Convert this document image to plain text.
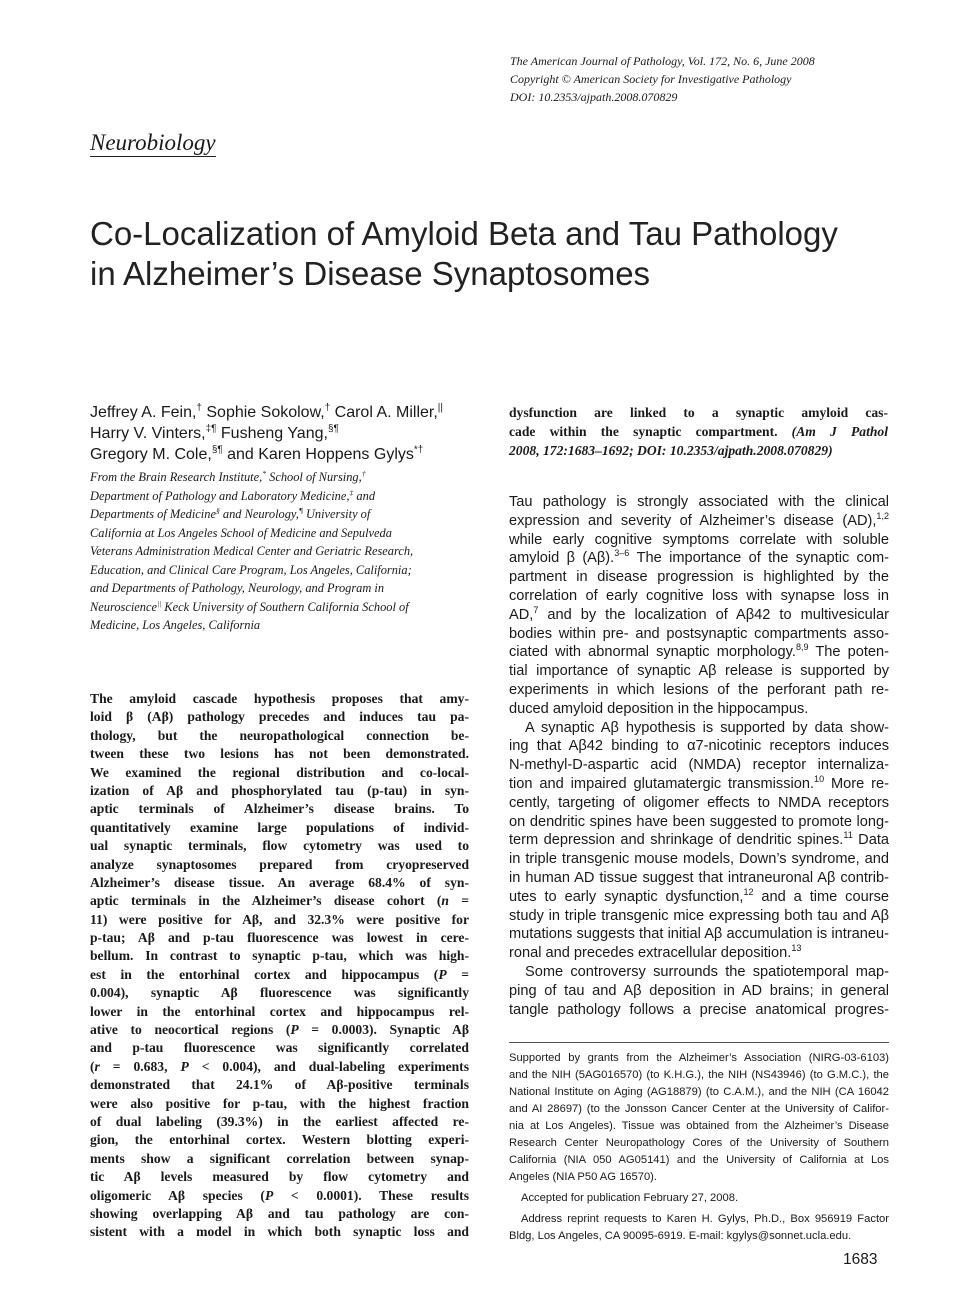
The American Journal of Pathology, Vol. 172, No. 6, June 2008
Copyright © American Society for Investigative Pathology
DOI: 10.2353/ajpath.2008.070829
Neurobiology
Co-Localization of Amyloid Beta and Tau Pathology
in Alzheimer’s Disease Synaptosomes
Jeffrey A. Fein,† Sophie Sokolow,† Carol A. Miller,||
Harry V. Vinters,‡¶ Fusheng Yang,§¶
Gregory M. Cole,§¶ and Karen Hoppens Gylys*†
From the Brain Research Institute,* School of Nursing,†
Department of Pathology and Laboratory Medicine,‡ and
Departments of Medicine§ and Neurology,¶ University of
California at Los Angeles School of Medicine and Sepulveda
Veterans Administration Medical Center and Geriatric Research,
Education, and Clinical Care Program, Los Angeles, California;
and Departments of Pathology, Neurology, and Program in
Neuroscience|| Keck University of Southern California School of
Medicine, Los Angeles, California
The amyloid cascade hypothesis proposes that amy-
loid β (Aβ) pathology precedes and induces tau pa-
thology, but the neuropathological connection be-
tween these two lesions has not been demonstrated.
We examined the regional distribution and co-local-
ization of Aβ and phosphorylated tau (p-tau) in syn-
aptic terminals of Alzheimer’s disease brains. To
quantitatively examine large populations of individ-
ual synaptic terminals, flow cytometry was used to
analyze synaptosomes prepared from cryopreserved
Alzheimer’s disease tissue. An average 68.4% of syn-
aptic terminals in the Alzheimer’s disease cohort (n =
11) were positive for Aβ, and 32.3% were positive for
p-tau; Aβ and p-tau fluorescence was lowest in cere-
bellum. In contrast to synaptic p-tau, which was high-
est in the entorhinal cortex and hippocampus (P =
0.004), synaptic Aβ fluorescence was significantly
lower in the entorhinal cortex and hippocampus rel-
ative to neocortical regions (P = 0.0003). Synaptic Aβ
and p-tau fluorescence was significantly correlated
(r = 0.683, P < 0.004), and dual-labeling experiments
demonstrated that 24.1% of Aβ-positive terminals
were also positive for p-tau, with the highest fraction
of dual labeling (39.3%) in the earliest affected re-
gion, the entorhinal cortex. Western blotting experi-
ments show a significant correlation between synap-
tic Aβ levels measured by flow cytometry and
oligomeric Aβ species (P < 0.0001). These results
showing overlapping Aβ and tau pathology are con-
sistent with a model in which both synaptic loss and
dysfunction are linked to a synaptic amyloid cas-
cade within the synaptic compartment. (Am J Pathol
2008, 172:1683–1692; DOI: 10.2353/ajpath.2008.070829)
Tau pathology is strongly associated with the clinical
expression and severity of Alzheimer’s disease (AD),$^{1,2}$
while early cognitive symptoms correlate with soluble
amyloid β (Aβ).$^{3-6}$ The importance of the synaptic com-
partment in disease progression is highlighted by the
correlation of early cognitive loss with synapse loss in
AD,$^7$ and by the localization of Aβ42 to multivesicular
bodies within pre- and postsynaptic compartments asso-
ciated with abnormal synaptic morphology.$^{8,9}$ The poten-
tial importance of synaptic Aβ release is supported by
experiments in which lesions of the perforant path re-
duced amyloid deposition in the hippocampus.
A synaptic Aβ hypothesis is supported by data show-
ing that Aβ42 binding to α7-nicotinic receptors induces
N-methyl-D-aspartic acid (NMDA) receptor internaliza-
tion and impaired glutamatergic transmission.$^{10}$ More re-
cently, targeting of oligomer effects to NMDA receptors
on dendritic spines have been suggested to promote long-
term depression and shrinkage of dendritic spines.$^{11}$ Data
in triple transgenic mouse models, Down’s syndrome, and
in human AD tissue suggest that intraneuronal Aβ contrib-
utes to early synaptic dysfunction,$^{12}$ and a time course
study in triple transgenic mice expressing both tau and Aβ
mutations suggests that initial Aβ accumulation is intraneu-
ronal and precedes extracellular deposition.$^{13}$
Some controversy surrounds the spatiotemporal map-
ping of tau and Aβ deposition in AD brains; in general
tangle pathology follows a precise anatomical progres-
Supported by grants from the Alzheimer’s Association (NIRG-03-6103)
and the NIH (5AG016570) (to K.H.G.), the NIH (NS43946) (to G.M.C.), the
National Institute on Aging (AG18879) (to C.A.M.), and the NIH (CA 16042
and AI 28697) (to the Jonsson Cancer Center at the University of Califor-
nia at Los Angeles). Tissue was obtained from the Alzheimer’s Disease
Research Center Neuropathology Cores of the University of Southern
California (NIA 050 AG05141) and the University of California at Los
Angeles (NIA P50 AG 16570).
Accepted for publication February 27, 2008.
Address reprint requests to Karen H. Gylys, Ph.D., Box 956919 Factor
Bldg, Los Angeles, CA 90095-6919. E-mail: kgylys@sonnet.ucla.edu.
1683
